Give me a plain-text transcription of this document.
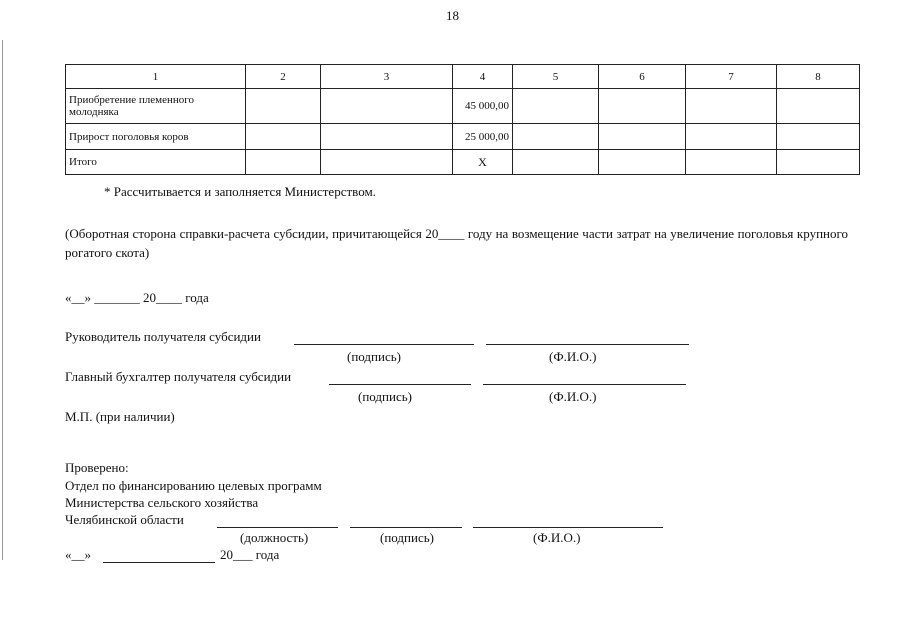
18
1	2	3	4	5	6	7	8
Приобретение племенного молодняка			45 000,00				
Прирост поголовья коров			25 000,00				
Итого			Х				
* Рассчитывается и заполняется Министерством.
(Оборотная сторона справки-расчета субсидии, причитающейся 20____ году на возмещение части затрат на увеличение поголовья крупного рогатого скота)
«__» _______ 20____ года
Руководитель получателя субсидии
(подпись)	(Ф.И.О.)
Главный бухгалтер получателя субсидии
(подпись)	(Ф.И.О.)
М.П. (при наличии)
Проверено:
Отдел по финансированию целевых программ
Министерства сельского хозяйства
Челябинской области
(должность)	(подпись)	(Ф.И.О.)
«__»	20___ года
